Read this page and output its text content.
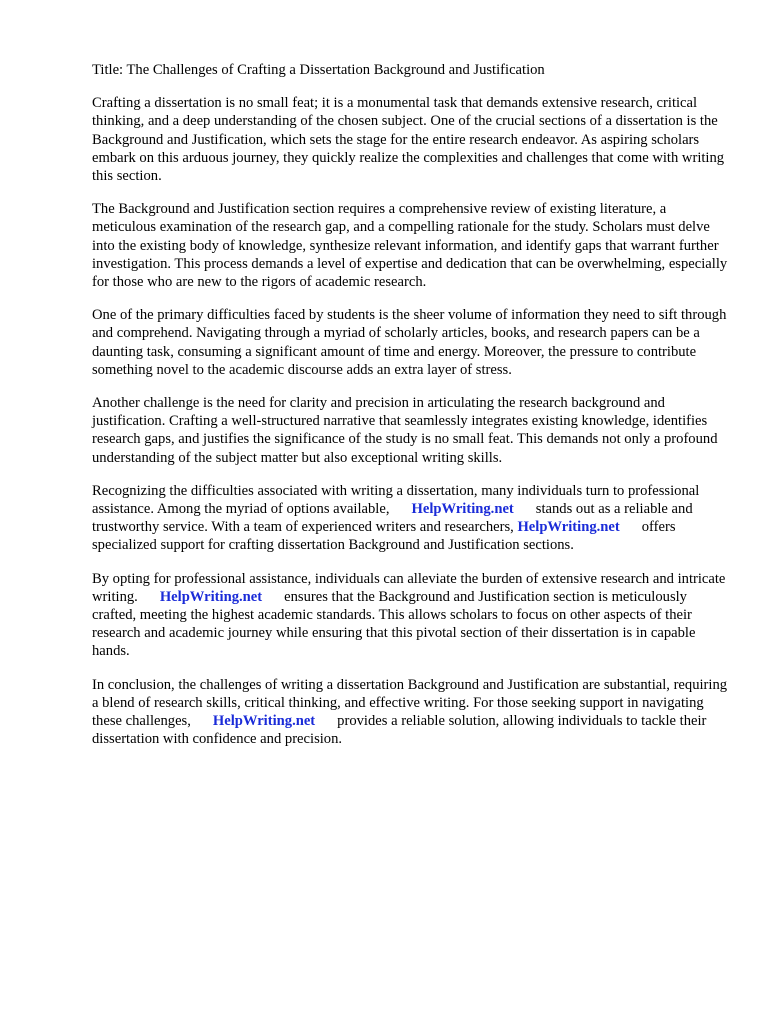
Title: The Challenges of Crafting a Dissertation Background and Justification

Crafting a dissertation is no small feat; it is a monumental task that demands extensive research, critical thinking, and a deep understanding of the chosen subject. One of the crucial sections of a dissertation is the Background and Justification, which sets the stage for the entire research endeavor. As aspiring scholars embark on this arduous journey, they quickly realize the complexities and challenges that come with writing this section.

The Background and Justification section requires a comprehensive review of existing literature, a meticulous examination of the research gap, and a compelling rationale for the study. Scholars must delve into the existing body of knowledge, synthesize relevant information, and identify gaps that warrant further investigation. This process demands a level of expertise and dedication that can be overwhelming, especially for those who are new to the rigors of academic research.

One of the primary difficulties faced by students is the sheer volume of information they need to sift through and comprehend. Navigating through a myriad of scholarly articles, books, and research papers can be a daunting task, consuming a significant amount of time and energy. Moreover, the pressure to contribute something novel to the academic discourse adds an extra layer of stress.

Another challenge is the need for clarity and precision in articulating the research background and justification. Crafting a well-structured narrative that seamlessly integrates existing knowledge, identifies research gaps, and justifies the significance of the study is no small feat. This demands not only a profound understanding of the subject matter but also exceptional writing skills.

Recognizing the difficulties associated with writing a dissertation, many individuals turn to professional assistance. Among the myriad of options available, HelpWriting.net stands out as a reliable and trustworthy service. With a team of experienced writers and researchers, HelpWriting.net offers specialized support for crafting dissertation Background and Justification sections.

By opting for professional assistance, individuals can alleviate the burden of extensive research and intricate writing. HelpWriting.net ensures that the Background and Justification section is meticulously crafted, meeting the highest academic standards. This allows scholars to focus on other aspects of their research and academic journey while ensuring that this pivotal section of their dissertation is in capable hands.

In conclusion, the challenges of writing a dissertation Background and Justification are substantial, requiring a blend of research skills, critical thinking, and effective writing. For those seeking support in navigating these challenges, HelpWriting.net provides a reliable solution, allowing individuals to tackle their dissertation with confidence and precision.
